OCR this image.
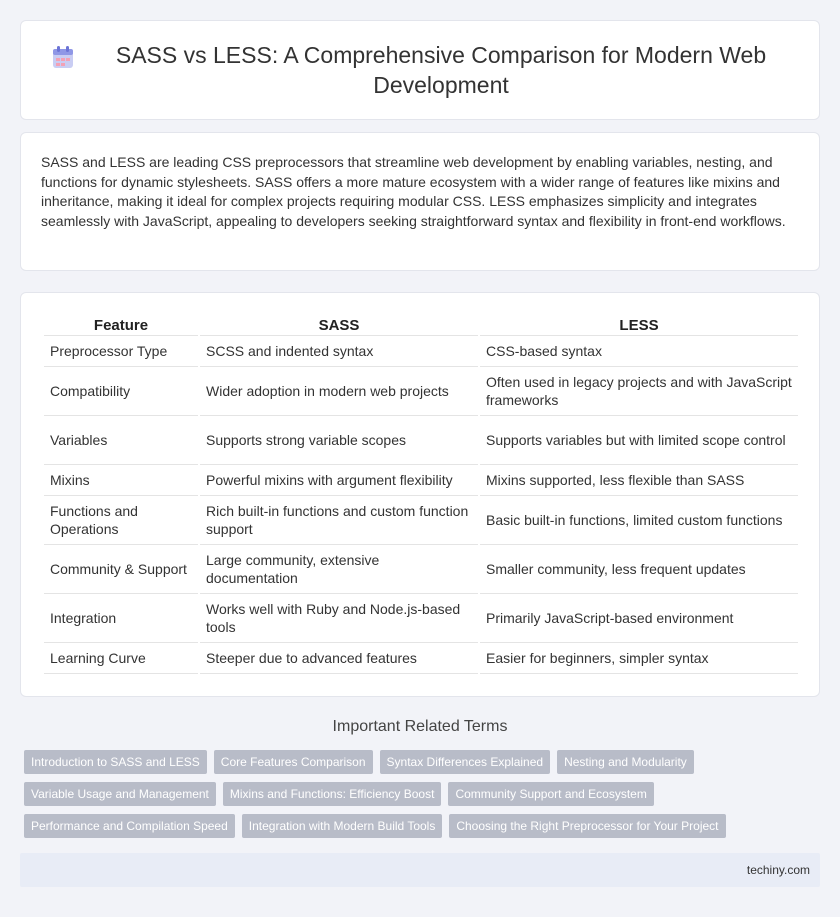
SASS vs LESS: A Comprehensive Comparison for Modern Web Development

SASS and LESS are leading CSS preprocessors that streamline web development by enabling variables, nesting, and functions for dynamic stylesheets. SASS offers a more mature ecosystem with a wider range of features like mixins and inheritance, making it ideal for complex projects requiring modular CSS. LESS emphasizes simplicity and integrates seamlessly with JavaScript, appealing to developers seeking straightforward syntax and flexibility in front-end workflows.

Feature	SASS	LESS
Preprocessor Type	SCSS and indented syntax	CSS-based syntax
Compatibility	Wider adoption in modern web projects	Often used in legacy projects and with JavaScript frameworks
Variables	Supports strong variable scopes	Supports variables but with limited scope control
Mixins	Powerful mixins with argument flexibility	Mixins supported, less flexible than SASS
Functions and Operations	Rich built-in functions and custom function support	Basic built-in functions, limited custom functions
Community & Support	Large community, extensive documentation	Smaller community, less frequent updates
Integration	Works well with Ruby and Node.js-based tools	Primarily JavaScript-based environment
Learning Curve	Steeper due to advanced features	Easier for beginners, simpler syntax
Important Related Terms
Introduction to SASS and LESS	Core Features Comparison	Syntax Differences Explained	Nesting and Modularity
Variable Usage and Management	Mixins and Functions: Efficiency Boost	Community Support and Ecosystem
Performance and Compilation Speed	Integration with Modern Build Tools	Choosing the Right Preprocessor for Your Project
techiny.com
